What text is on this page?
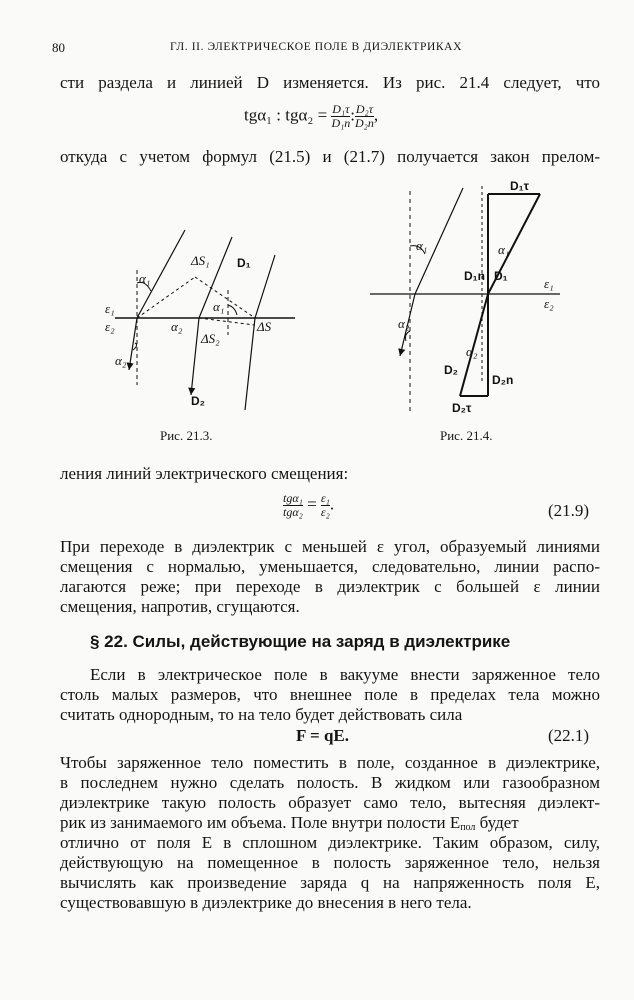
80	ГЛ. II. ЭЛЕКТРИЧЕСКОЕ ПОЛЕ В ДИЭЛЕКТРИКАХ
сти раздела и линией D изменяется. Из рис. 21.4 следует, что
tgα₁ : $tg\alpha_2 = \frac{\text{D₁τ}}{\text{D₁n}}$ : $\frac{\text{D₂τ}}{\text{D₂n}}$ ,
откуда с учетом формул (21.5) и (21.7) получается закон прелом-
α₁
ΔS₁ D₁
α₁
ε₁
ε₂	α₂
ΔS₂
ΔS
α₂
D₂
Рис. 21.3.
D₁τ
α₁	α₁
D₁n D₁	ε₁
ε₂
α₂
α₂
D₂
D₂n
D₂τ
Рис. 21.4.
ления линий электрического смещения:
$\frac{\text{tgα₁}}{\text{tgα₂}} = \frac{\text{ε₁}}{\text{ε₂}}$ .	(21.9)
При переходе в диэлектрик с меньшей ε угол, образуемый линиями
смещения с нормалью, уменьшается, следовательно, линии распо-
лагаются реже; при переходе в диэлектрик с большей ε линии
смещения, напротив, сгущаются.
§ 22. Силы, действующие на заряд в диэлектрике
Если в электрическое поле в вакууме внести заряженное тело
столь малых размеров, что внешнее поле в пределах тела можно
считать однородным, то на тело будет действовать сила
F = qE.	(22.1)
Чтобы заряженное тело поместить в поле, созданное в диэлектрике,
в последнем нужно сделать полость. В жидком или газообразном
диэлектрике такую полость образует само тело, вытесняя диэлект-
рик из занимаемого им объема. Поле внутри полости $E_{пол}$ будет
отлично от поля E в сплошном диэлектрике. Таким образом, силу,
действующую на помещенное в полость заряженное тело, нельзя
вычислять как произведение заряда q на напряженность поля E,
существовавшую в диэлектрике до внесения в него тела.
